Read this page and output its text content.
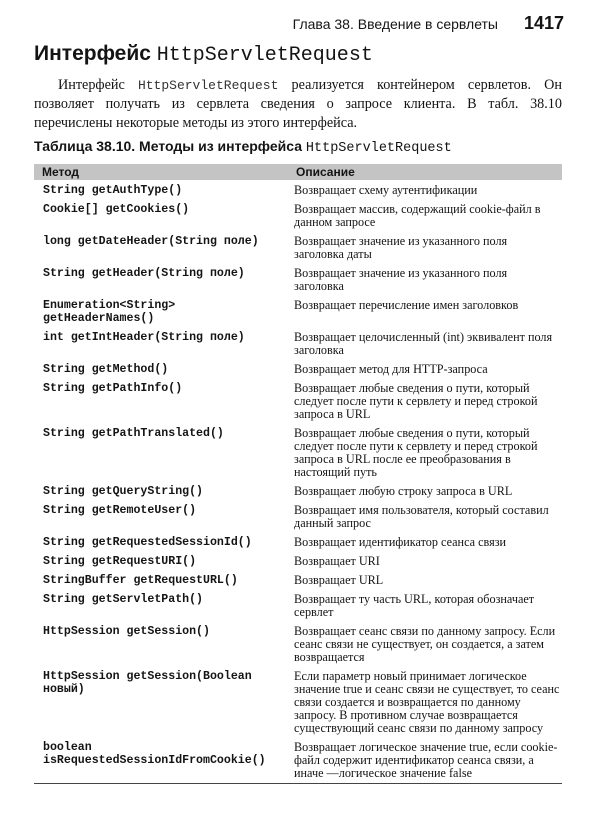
Глава 38. Введение в сервлеты 1417
Интерфейс HttpServletRequest

Интерфейс HttpServletRequest реализуется контейнером сервлетов. Он позволяет получать из сервлета сведения о запросе клиента. В табл. 38.10 перечислены некоторые методы из этого интерфейса.

Таблица 38.10. Методы из интерфейса HttpServletRequest
Метод	Описание
String getAuthType()	Возвращает схему аутентификации
Cookie[] getCookies()	Возвращает массив, содержащий cookie-файл в данном запросе
long getDateHeader(String поле)	Возвращает значение из указанного поля заголовка даты
String getHeader(String поле)	Возвращает значение из указанного поля заголовка
Enumeration<String>
getHeaderNames()	Возвращает перечисление имен заголовков
int getIntHeader(String поле)	Возвращает целочисленный (int) эквивалент поля заголовка
String getMethod()	Возвращает метод для HTTP-запроса
String getPathInfo()	Возвращает любые сведения о пути, который следует после пути к сервлету и перед строкой запроса в URL
String getPathTranslated()	Возвращает любые сведения о пути, который следует после пути к сервлету и перед строкой запроса в URL после ее преобразования в настоящий путь
String getQueryString()	Возвращает любую строку запроса в URL
String getRemoteUser()	Возвращает имя пользователя, который составил данный запрос
String getRequestedSessionId()	Возвращает идентификатор сеанса связи
String getRequestURI()	Возвращает URI
StringBuffer getRequestURL()	Возвращает URL
String getServletPath()	Возвращает ту часть URL, которая обозначает сервлет
HttpSession getSession()	Возвращает сеанс связи по данному запросу. Если сеанс связи не существует, он создается, а затем возвращается
HttpSession getSession(Boolean
новый)	Если параметр новый принимает логическое значение true и сеанс связи не существует, то сеанс связи создается и возвращается по данному запросу. В противном случае возвращается существующий сеанс связи по данному запросу
boolean
isRequestedSessionIdFromCookie()	Возвращает логическое значение true, если cookie-файл содержит идентификатор сеанса связи, а иначе —логическое значение false
